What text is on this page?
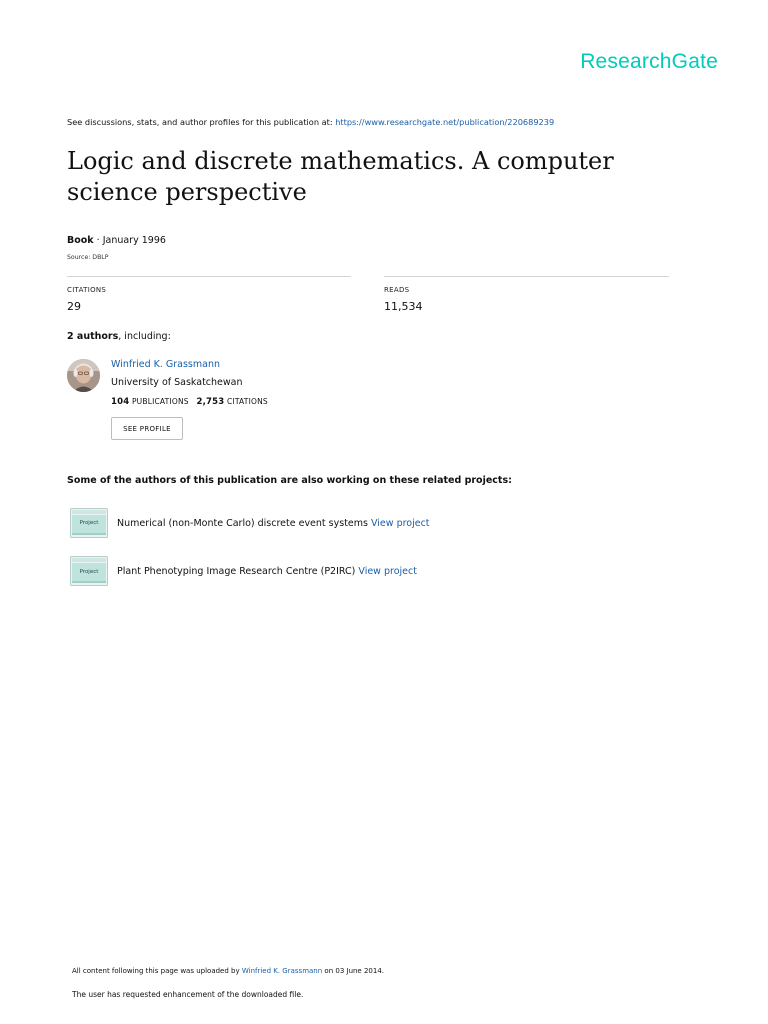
ResearchGate
See discussions, stats, and author profiles for this publication at: https://www.researchgate.net/publication/220689239
Logic and discrete mathematics. A computer science perspective
Book · January 1996
Source: DBLP
CITATIONS
29
READS
11,534
2 authors, including:
Winfried K. Grassmann
University of Saskatchewan
104 PUBLICATIONS 2,753 CITATIONS
SEE PROFILE
Some of the authors of this publication are also working on these related projects:
Project	Numerical (non-Monte Carlo) discrete event systems View project
Project	Plant Phenotyping Image Research Centre (P2IRC) View project
All content following this page was uploaded by Winfried K. Grassmann on 03 June 2014.
The user has requested enhancement of the downloaded file.
